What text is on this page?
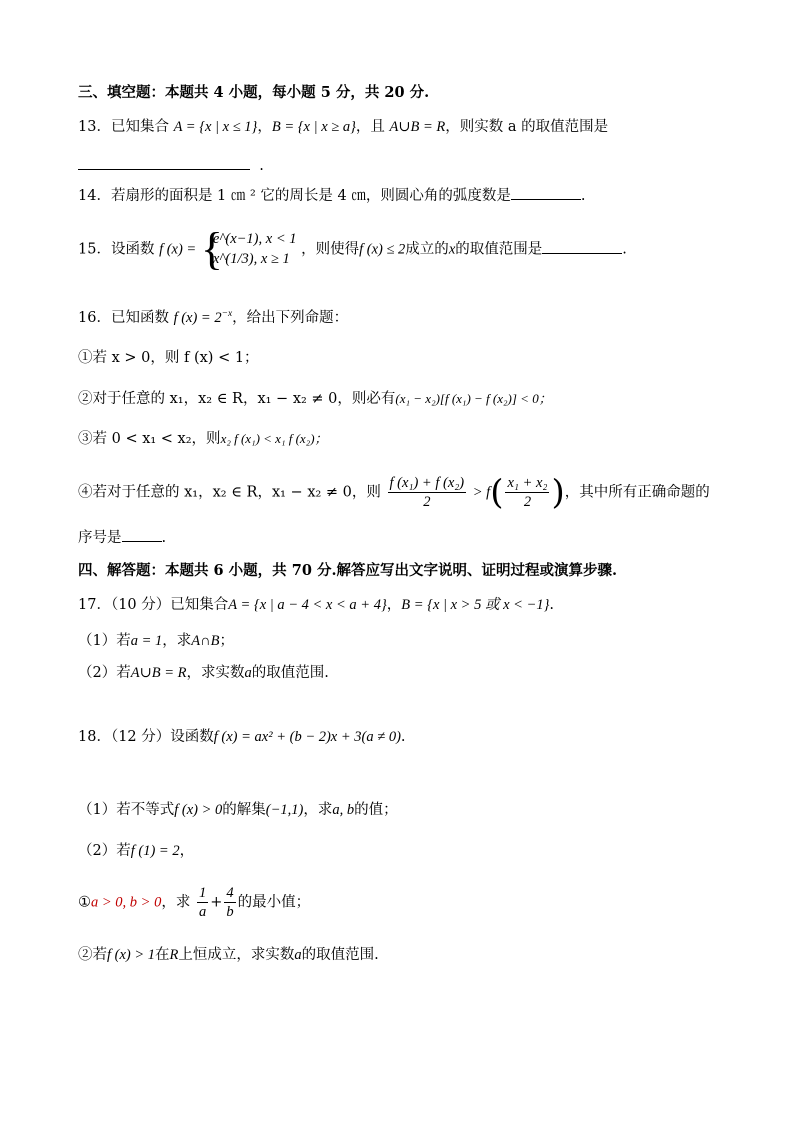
三、填空题：本题共 4 小题，每小题 5 分，共 20 分.
13．已知集合 A = {x | x ≤ 1}，B = {x | x ≥ a}，且 A∪B = R，则实数 a 的取值范围是
.
14．若扇形的面积是 1 ㎝ ² 它的周长是 4 ㎝，则圆心角的弧度数是	.
15．设函数 f (x) = {
e^(x−1), x < 1
x^(1/3), x ≥ 1
，则使得f (x) ≤ 2成立的x的取值范围是	.
16．已知函数 f $(x) = 2^{-x}$，给出下列命题：
①若 x > 0，则 f (x) < 1；
②对于任意的 x₁，x₂ ∈ R，x₁ − x₂ ≠ 0，则必有(x₁ − x₂)[f (x₁) − f (x₂)] < 0；
③若 0 < x₁ < x₂，则x₂ f (x₁) < x₁ f (x₂)；
④若对于任意的 x₁，x₂ ∈ R，x₁ − x₂ ≠ 0，则 $\frac{\text{f (x₁) + f (x₂)}}{2} > f( \frac{\text{x₁ + x₂}}{2}$ )，其中所有正确命题的
序号是	.
四、解答题：本题共 6 小题，共 70 分.解答应写出文字说明、证明过程或演算步骤.
17．（10 分）已知集合A = {x | a − 4 < x < a + 4}，B = {x | x > 5 或 x < −1}.
（1）若a = 1，求A∩B；
（2）若A∪B = R，求实数a的取值范围.
18．（12 分）设函数f (x) = ax² + (b − 2)x + 3(a ≠ 0).
（1）若不等式f (x) > 0的解集(−1,1)，求a, b的值；
（2）若f (1) = 2，
①a > 0, b > 0，求 $\frac{1}{a} + \frac{4}{b}$ 的最小值；
②若f (x) > 1在R上恒成立，求实数a的取值范围.
